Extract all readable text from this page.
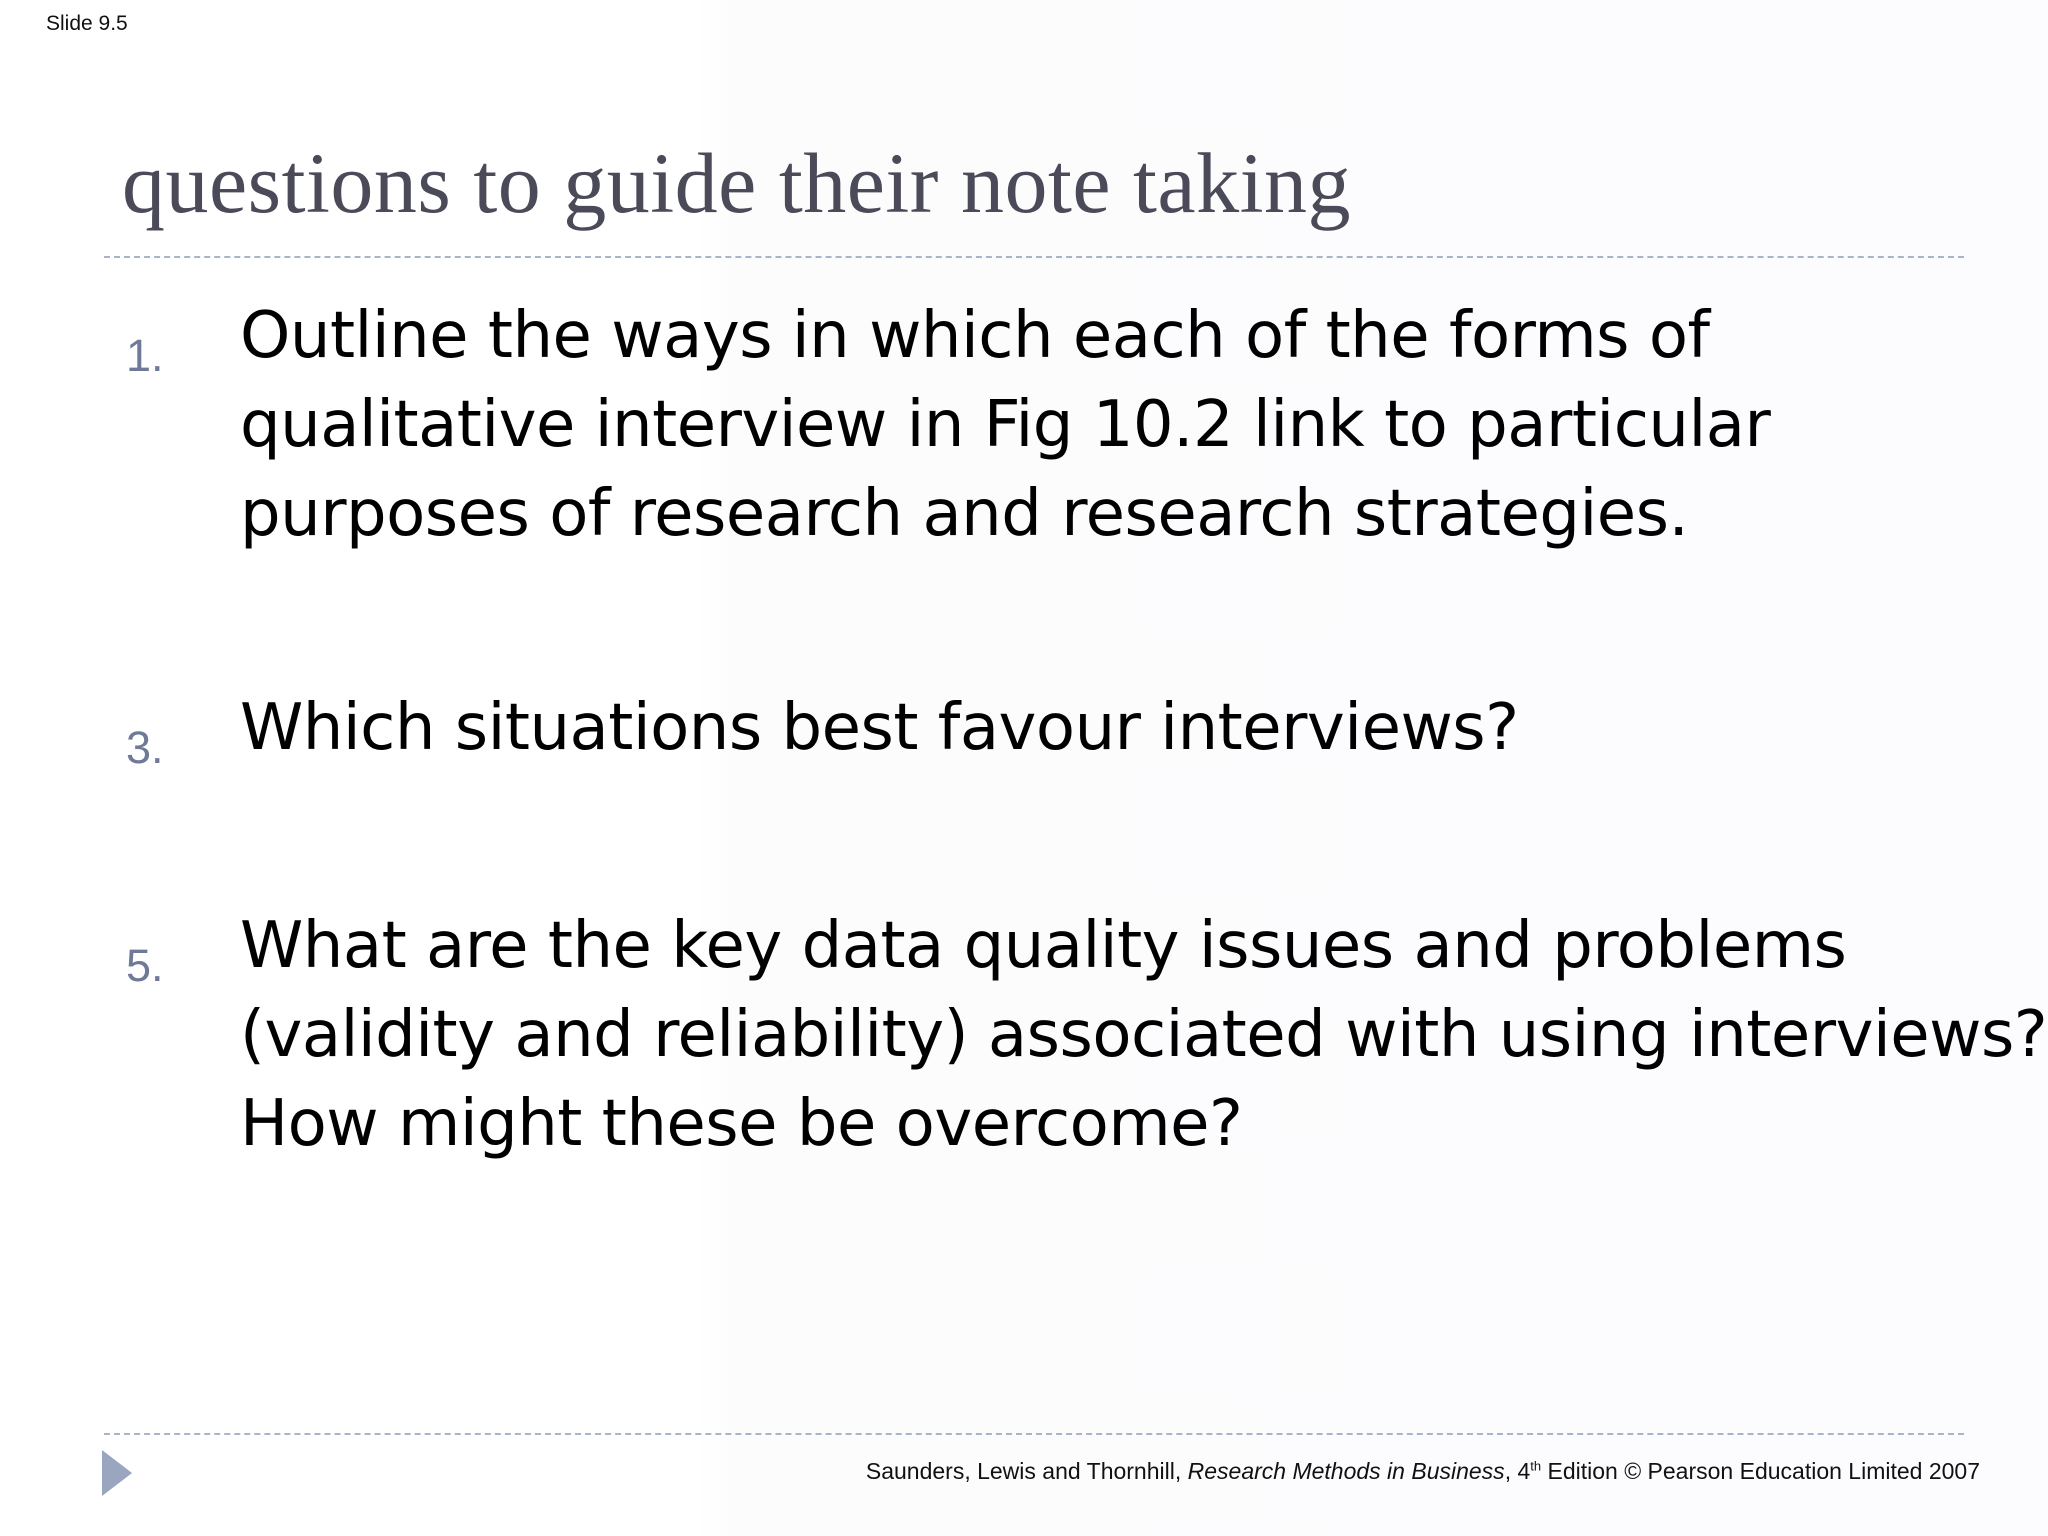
Slide 9.5
questions to guide their note taking
1. Outline the ways in which each of the forms of
qualitative interview in Fig 10.2 link to particular
purposes of research and research strategies.
3. Which situations best favour interviews?
5. What are the key data quality issues and problems
(validity and reliability) associated with using interviews?
How might these be overcome?
Saunders, Lewis and Thornhill, Research Methods in Business, 4th Edition © Pearson Education Limited 2007
